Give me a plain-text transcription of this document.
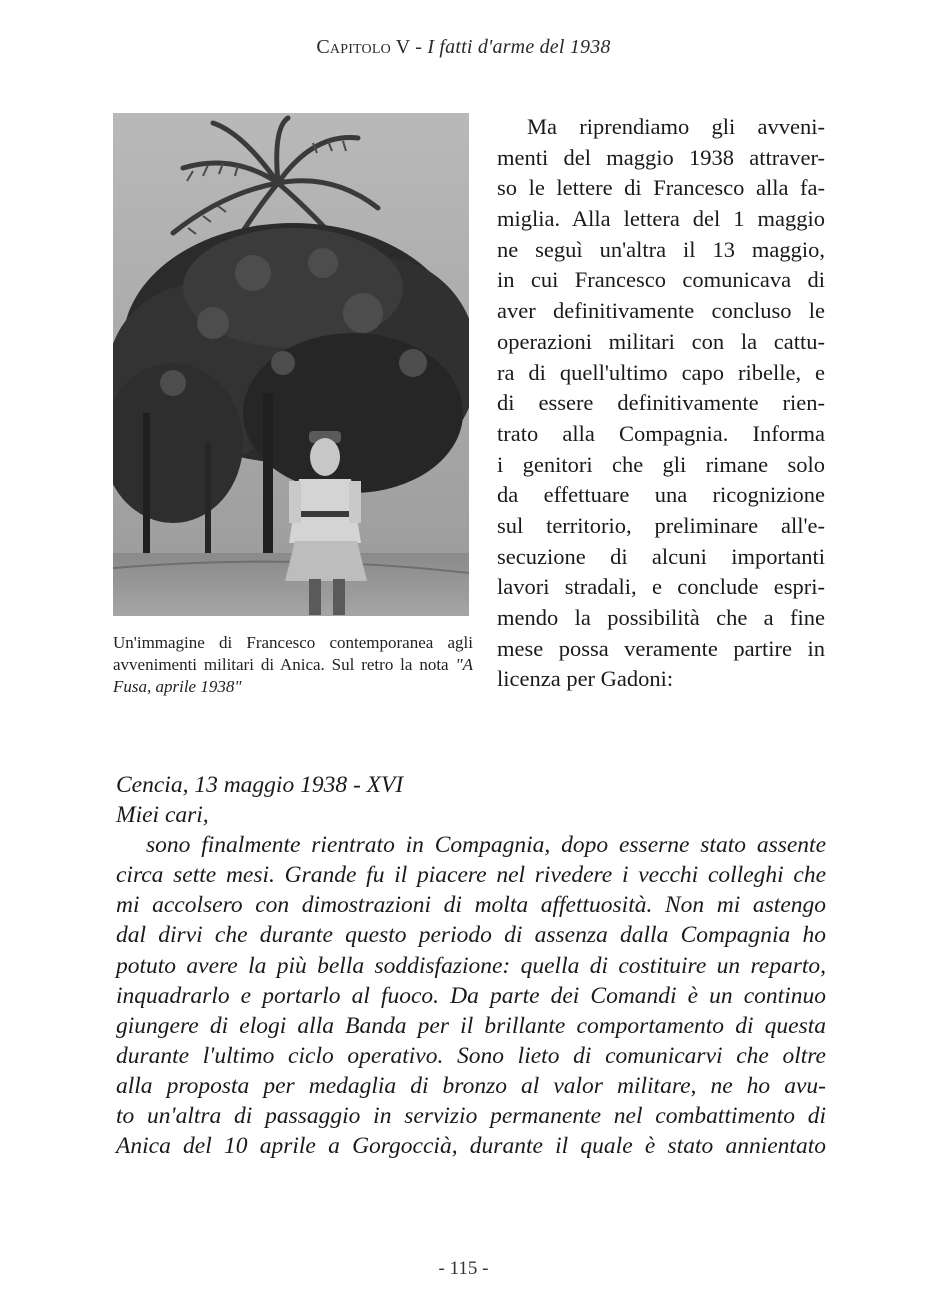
Capitolo V - I fatti d'arme del 1938
Un'immagine di Francesco contemporanea agli avvenimenti militari di Anica. Sul retro la nota "A Fusa, aprile 1938"
Ma riprendiamo gli avveni-
menti del maggio 1938 attraver-
so le lettere di Francesco alla fa-
miglia. Alla lettera del 1 maggio
ne seguì un'altra il 13 maggio,
in cui Francesco comunicava di
aver definitivamente concluso le
operazioni militari con la cattu-
ra di quell'ultimo capo ribelle, e
di essere definitivamente rien-
trato alla Compagnia. Informa
i genitori che gli rimane solo
da effettuare una ricognizione
sul territorio, preliminare all'e-
secuzione di alcuni importanti
lavori stradali, e conclude espri-
mendo la possibilità che a fine
mese possa veramente partire in
licenza per Gadoni:
Cencia, 13 maggio 1938 - XVI
Miei cari,
sono finalmente rientrato in Compagnia, dopo esserne stato assente
circa sette mesi. Grande fu il piacere nel rivedere i vecchi colleghi che
mi accolsero con dimostrazioni di molta affettuosità. Non mi astengo
dal dirvi che durante questo periodo di assenza dalla Compagnia ho
potuto avere la più bella soddisfazione: quella di costituire un reparto,
inquadrarlo e portarlo al fuoco. Da parte dei Comandi è un continuo
giungere di elogi alla Banda per il brillante comportamento di questa
durante l'ultimo ciclo operativo. Sono lieto di comunicarvi che oltre
alla proposta per medaglia di bronzo al valor militare, ne ho avu-
to un'altra di passaggio in servizio permanente nel combattimento di
Anica del 10 aprile a Gorgoccià, durante il quale è stato annientato
- 115 -
